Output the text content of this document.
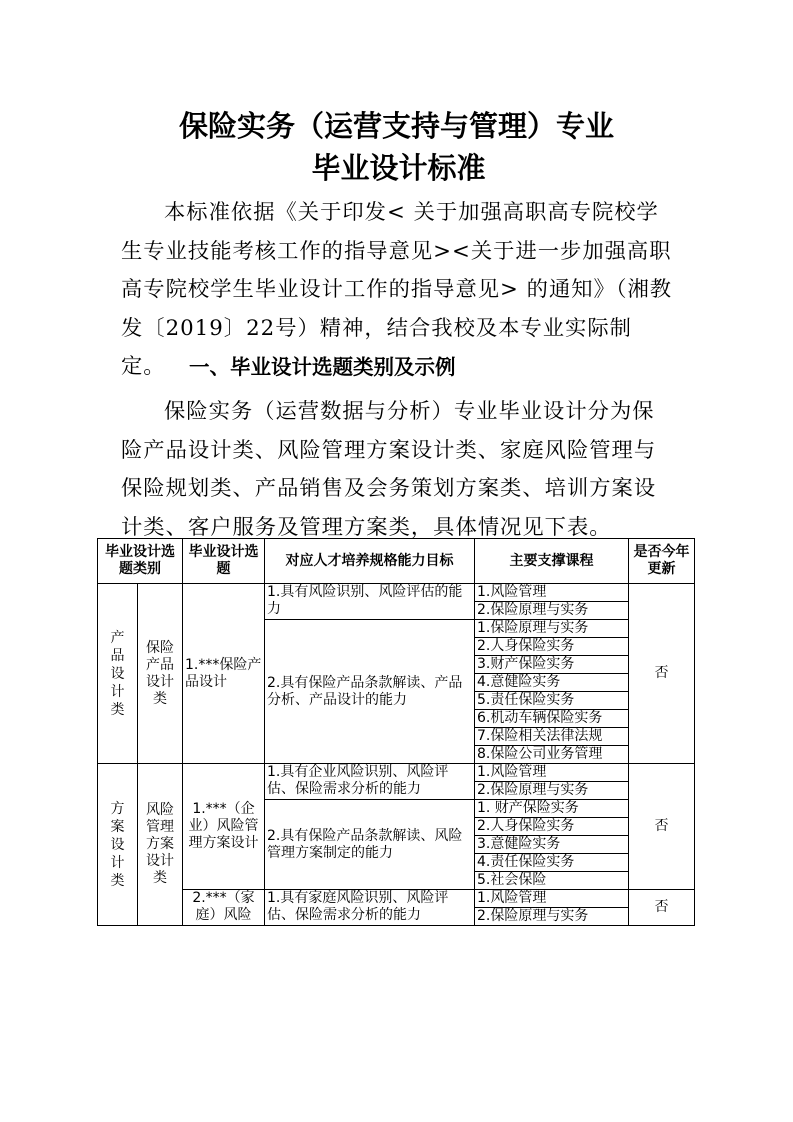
保险实务（运营支持与管理）专业
毕业设计标准

本标准依据《关于印发< 关于加强高职高专院校学生专业技能考核工作的指导意见><关于进一步加强高职高专院校学生毕业设计工作的指导意见> 的通知》（湘教发〔2019〕22号）精神，结合我校及本专业实际制定。	一、毕业设计选题类别及示例

保险实务（运营数据与分析）专业毕业设计分为保险产品设计类、风险管理方案设计类、家庭风险管理与保险规划类、产品销售及会务策划方案类、培训方案设计类、客户服务及管理方案类，具体情况见下表。

毕业设计选题类别		毕业设计选题	对应人才培养规格能力目标	主要支撑课程	是否今年更新

产品设计类	保险产品设计类	1.***保险产品设计	1.具有风险识别、风险评估的能力	1.风险管理	否
				2.保险原理与实务	
			2.具有保险产品条款解读、产品分析、产品设计的能力	1.保险原理与实务	
				2.人身保险实务	
				3.财产保险实务	
				4.意健险实务	
				5.责任保险实务	
				6.机动车辆保险实务	
				7.保险相关法律法规	
				8.保险公司业务管理	

方案设计类	风险管理方案设计类	1.***（企业）风险管理方案设计	1.具有企业风险识别、风险评估、保险需求分析的能力	1.风险管理	否
				2.保险原理与实务	
			2.具有保险产品条款解读、风险管理方案制定的能力	1. 财产保险实务	
				2.人身保险实务	
				3.意健险实务	
				4.责任保险实务	
				5.社会保险	
		2.***（家庭）风险	1.具有家庭风险识别、风险评估、保险需求分析的能力	1.风险管理	否
				2.保险原理与实务	
